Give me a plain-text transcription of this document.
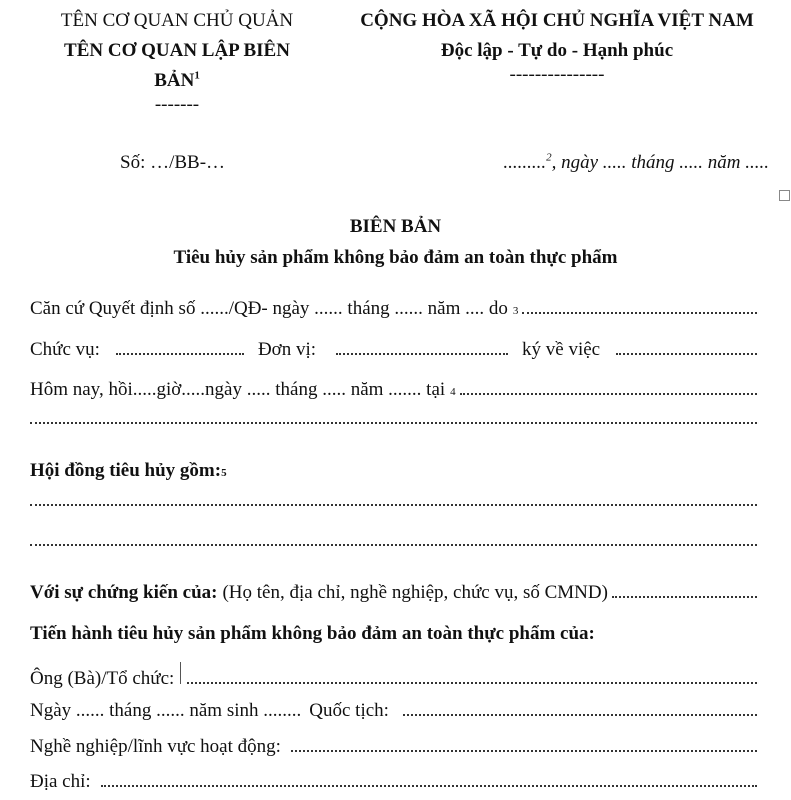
TÊN CƠ QUAN CHỦ QUẢN
TÊN CƠ QUAN LẬP BIÊN
BẢN$^1$
-------
CỘNG HÒA XÃ HỘI CHỦ NGHĨA VIỆT NAM
Độc lập - Tự do - Hạnh phúc
---------------
Số: …/BB-…	.........$^2$, ngày ..... tháng ..... năm .....
BIÊN BẢN
Tiêu hủy sản phẩm không bảo đảm an toàn thực phẩm
Căn cứ Quyết định số ....../QĐ- ngày ...... tháng ...... năm .... do 3
Chức vụ:	Đơn vị:	ký về việc
Hôm nay, hồi.....giờ.....ngày ..... tháng ..... năm ....... tại 4
Hội đồng tiêu hủy gồm: 5
Với sự chứng kiến của: (Họ tên, địa chỉ, nghề nghiệp, chức vụ, số CMND)
Tiến hành tiêu hủy sản phẩm không bảo đảm an toàn thực phẩm của:
Ông (Bà)/Tổ chức:
Ngày ...... tháng ...... năm sinh ........ Quốc tịch:
Nghề nghiệp/lĩnh vực hoạt động:
Địa chỉ:
